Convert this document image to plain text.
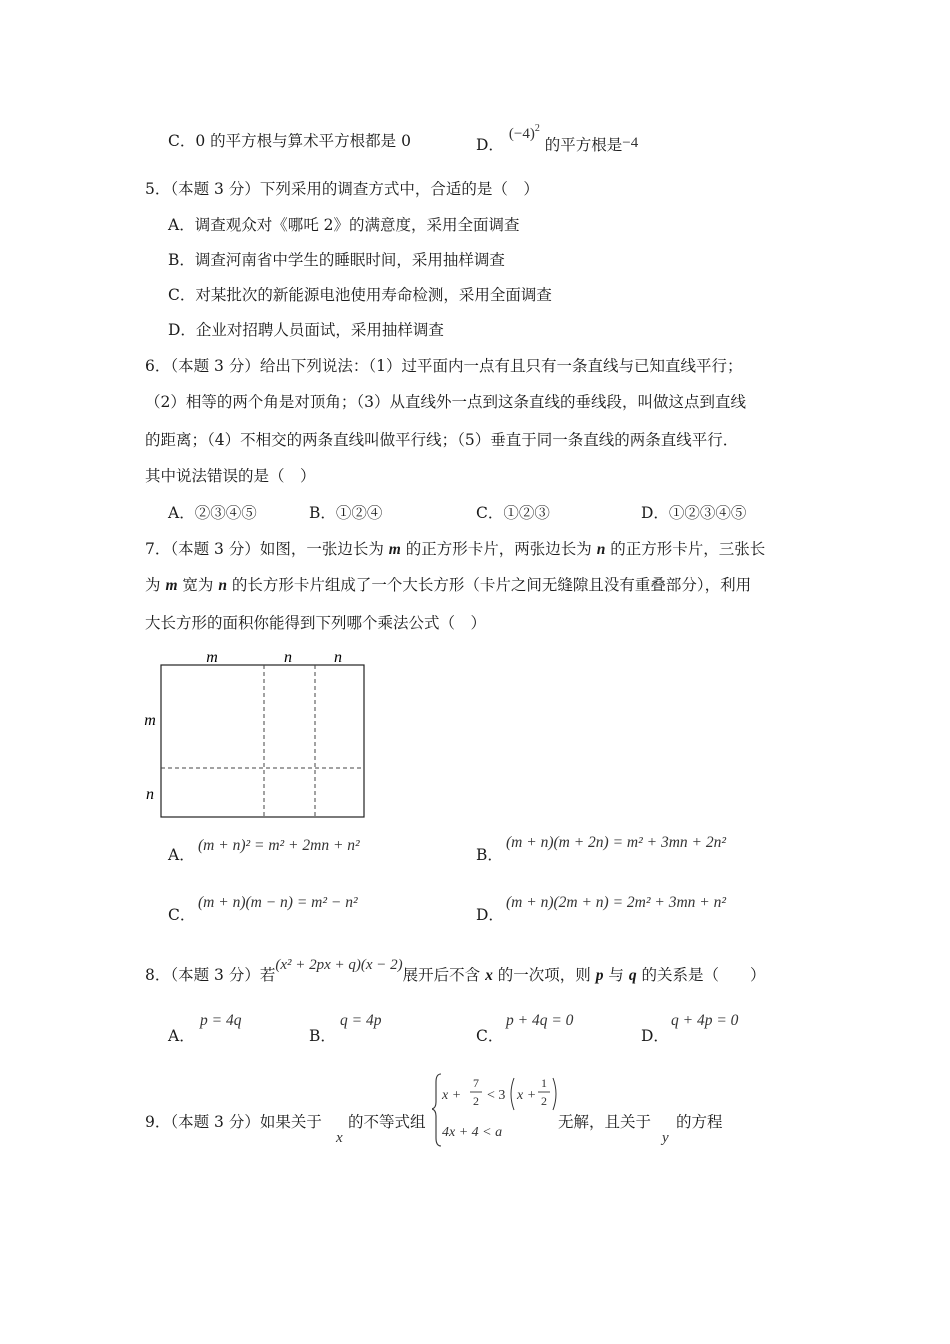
C．0 的平方根与算术平方根都是 0	D． $(-4)^2$ 的平方根是−4
5．（本题 3 分）下列采用的调查方式中，合适的是（　）
A．调查观众对《哪吒 2》的满意度，采用全面调查
B．调查河南省中学生的睡眠时间，采用抽样调查
C．对某批次的新能源电池使用寿命检测，采用全面调查
D．企业对招聘人员面试，采用抽样调查
6．（本题 3 分）给出下列说法：（1）过平面内一点有且只有一条直线与已知直线平行；
（2）相等的两个角是对顶角；（3）从直线外一点到这条直线的垂线段，叫做这点到直线
的距离；（4）不相交的两条直线叫做平行线；（5）垂直于同一条直线的两条直线平行．
其中说法错误的是（　）
A．②③④⑤	B．①②④	C．①②③	D．①②③④⑤
7．（本题 3 分）如图，一张边长为 m 的正方形卡片，两张边长为 n 的正方形卡片，三张长
为 m 宽为 n 的长方形卡片组成了一个大长方形（卡片之间无缝隙且没有重叠部分），利用
大长方形的面积你能得到下列哪个乘法公式（　）
m	n	n
m
n
A．
(m + n)² = m² + 2mn + n²
B．
(m + n)(m + 2n) = m² + 3mn + 2n²
C．
(m + n)(m − n) = m² − n²
D．
(m + n)(2m + n) = 2m² + 3mn + n²
8．（本题 3 分）若(x² + 2px + q)(x − 2)展开后不含 x 的一次项，则 p 与 q 的关系是（　　）
A．
p = 4q
B．
q = 4p
C．
p + 4q = 0
D．
q + 4p = 0
9．（本题 3 分）如果关于
x
的不等式组
x +
7
2 < 3 x +
1
2
4x + 4 < a
无解，且关于
y
的方程
